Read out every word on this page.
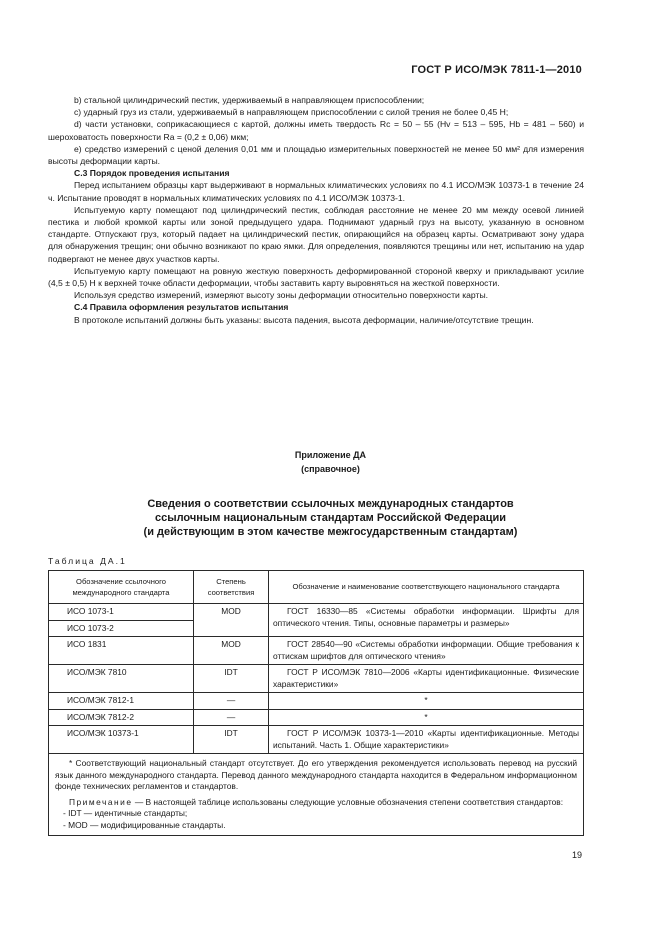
ГОСТ Р ИСО/МЭК 7811-1—2010

b) стальной цилиндрический пестик, удерживаемый в направляющем приспособлении;

c) ударный груз из стали, удерживаемый в направляющем приспособлении с силой трения не более 0,45 Н;

d) части установки, соприкасающиеся с картой, должны иметь твердость Rc = 50 – 55 (Hv = 513 – 595, Hb = 481 – 560) и шероховатость поверхности Ra = (0,2 ± 0,06) мкм;

e) средство измерений с ценой деления 0,01 мм и площадью измерительных поверхностей не менее 50 мм² для измерения высоты деформации карты.

С.3 Порядок проведения испытания

Перед испытанием образцы карт выдерживают в нормальных климатических условиях по 4.1 ИСО/МЭК 10373-1 в течение 24 ч. Испытание проводят в нормальных климатических условиях по 4.1 ИСО/МЭК 10373-1.

Испытуемую карту помещают под цилиндрический пестик, соблюдая расстояние не менее 20 мм между осевой линией пестика и любой кромкой карты или зоной предыдущего удара. Поднимают ударный груз на высоту, указанную в основном стандарте. Отпускают груз, который падает на цилиндрический пестик, опирающийся на образец карты. Осматривают зону удара для обнаружения трещин; они обычно возникают по краю ямки. Для определения, появляются трещины или нет, испытанию на удар подвергают не менее двух участков карты.

Испытуемую карту помещают на ровную жесткую поверхность деформированной стороной кверху и прикладывают усилие (4,5 ± 0,5) Н к верхней точке области деформации, чтобы заставить карту выровняться на жесткой поверхности.

Используя средство измерений, измеряют высоту зоны деформации относительно поверхности карты.

С.4 Правила оформления результатов испытания

В протоколе испытаний должны быть указаны: высота падения, высота деформации, наличие/отсутствие трещин.

Приложение ДА
(справочное)
Сведения о соответствии ссылочных международных стандартов
ссылочным национальным стандартам Российской Федерации
(и действующим в этом качестве межгосударственным стандартам)
Таблица ДА.1
Обозначение ссылочного международного стандарта	Степень соответствия	Обозначение и наименование соответствующего национального стандарта
ИСО 1073-1	MOD	ГОСТ 16330—85 «Системы обработки информации. Шрифты для оптического чтения. Типы, основные параметры и размеры»

ИСО 1073-2		
ИСО 1831	MOD	ГОСТ 28540—90 «Системы обработки информации. Общие требования к оттискам шрифтов для оптического чтения»

ИСО/МЭК 7810	IDT	ГОСТ Р ИСО/МЭК 7810—2006 «Карты идентификационные. Физические характеристики»

ИСО/МЭК 7812-1	—	*
ИСО/МЭК 7812-2	—	*
ИСО/МЭК 10373-1	IDT	ГОСТ Р ИСО/МЭК 10373-1—2010 «Карты идентификационные. Методы испытаний. Часть 1. Общие характеристики»

* Соответствующий национальный стандарт отсутствует. До его утверждения рекомендуется использовать перевод на русский язык данного международного стандарта. Перевод данного международного стандарта находится в Федеральном информационном фонде технических регламентов и стандартов.

Примечание — В настоящей таблице использованы следующие условные обозначения степени соответствия стандартов:

- IDT — идентичные стандарты;

- MOD — модифицированные стандарты.		

19
